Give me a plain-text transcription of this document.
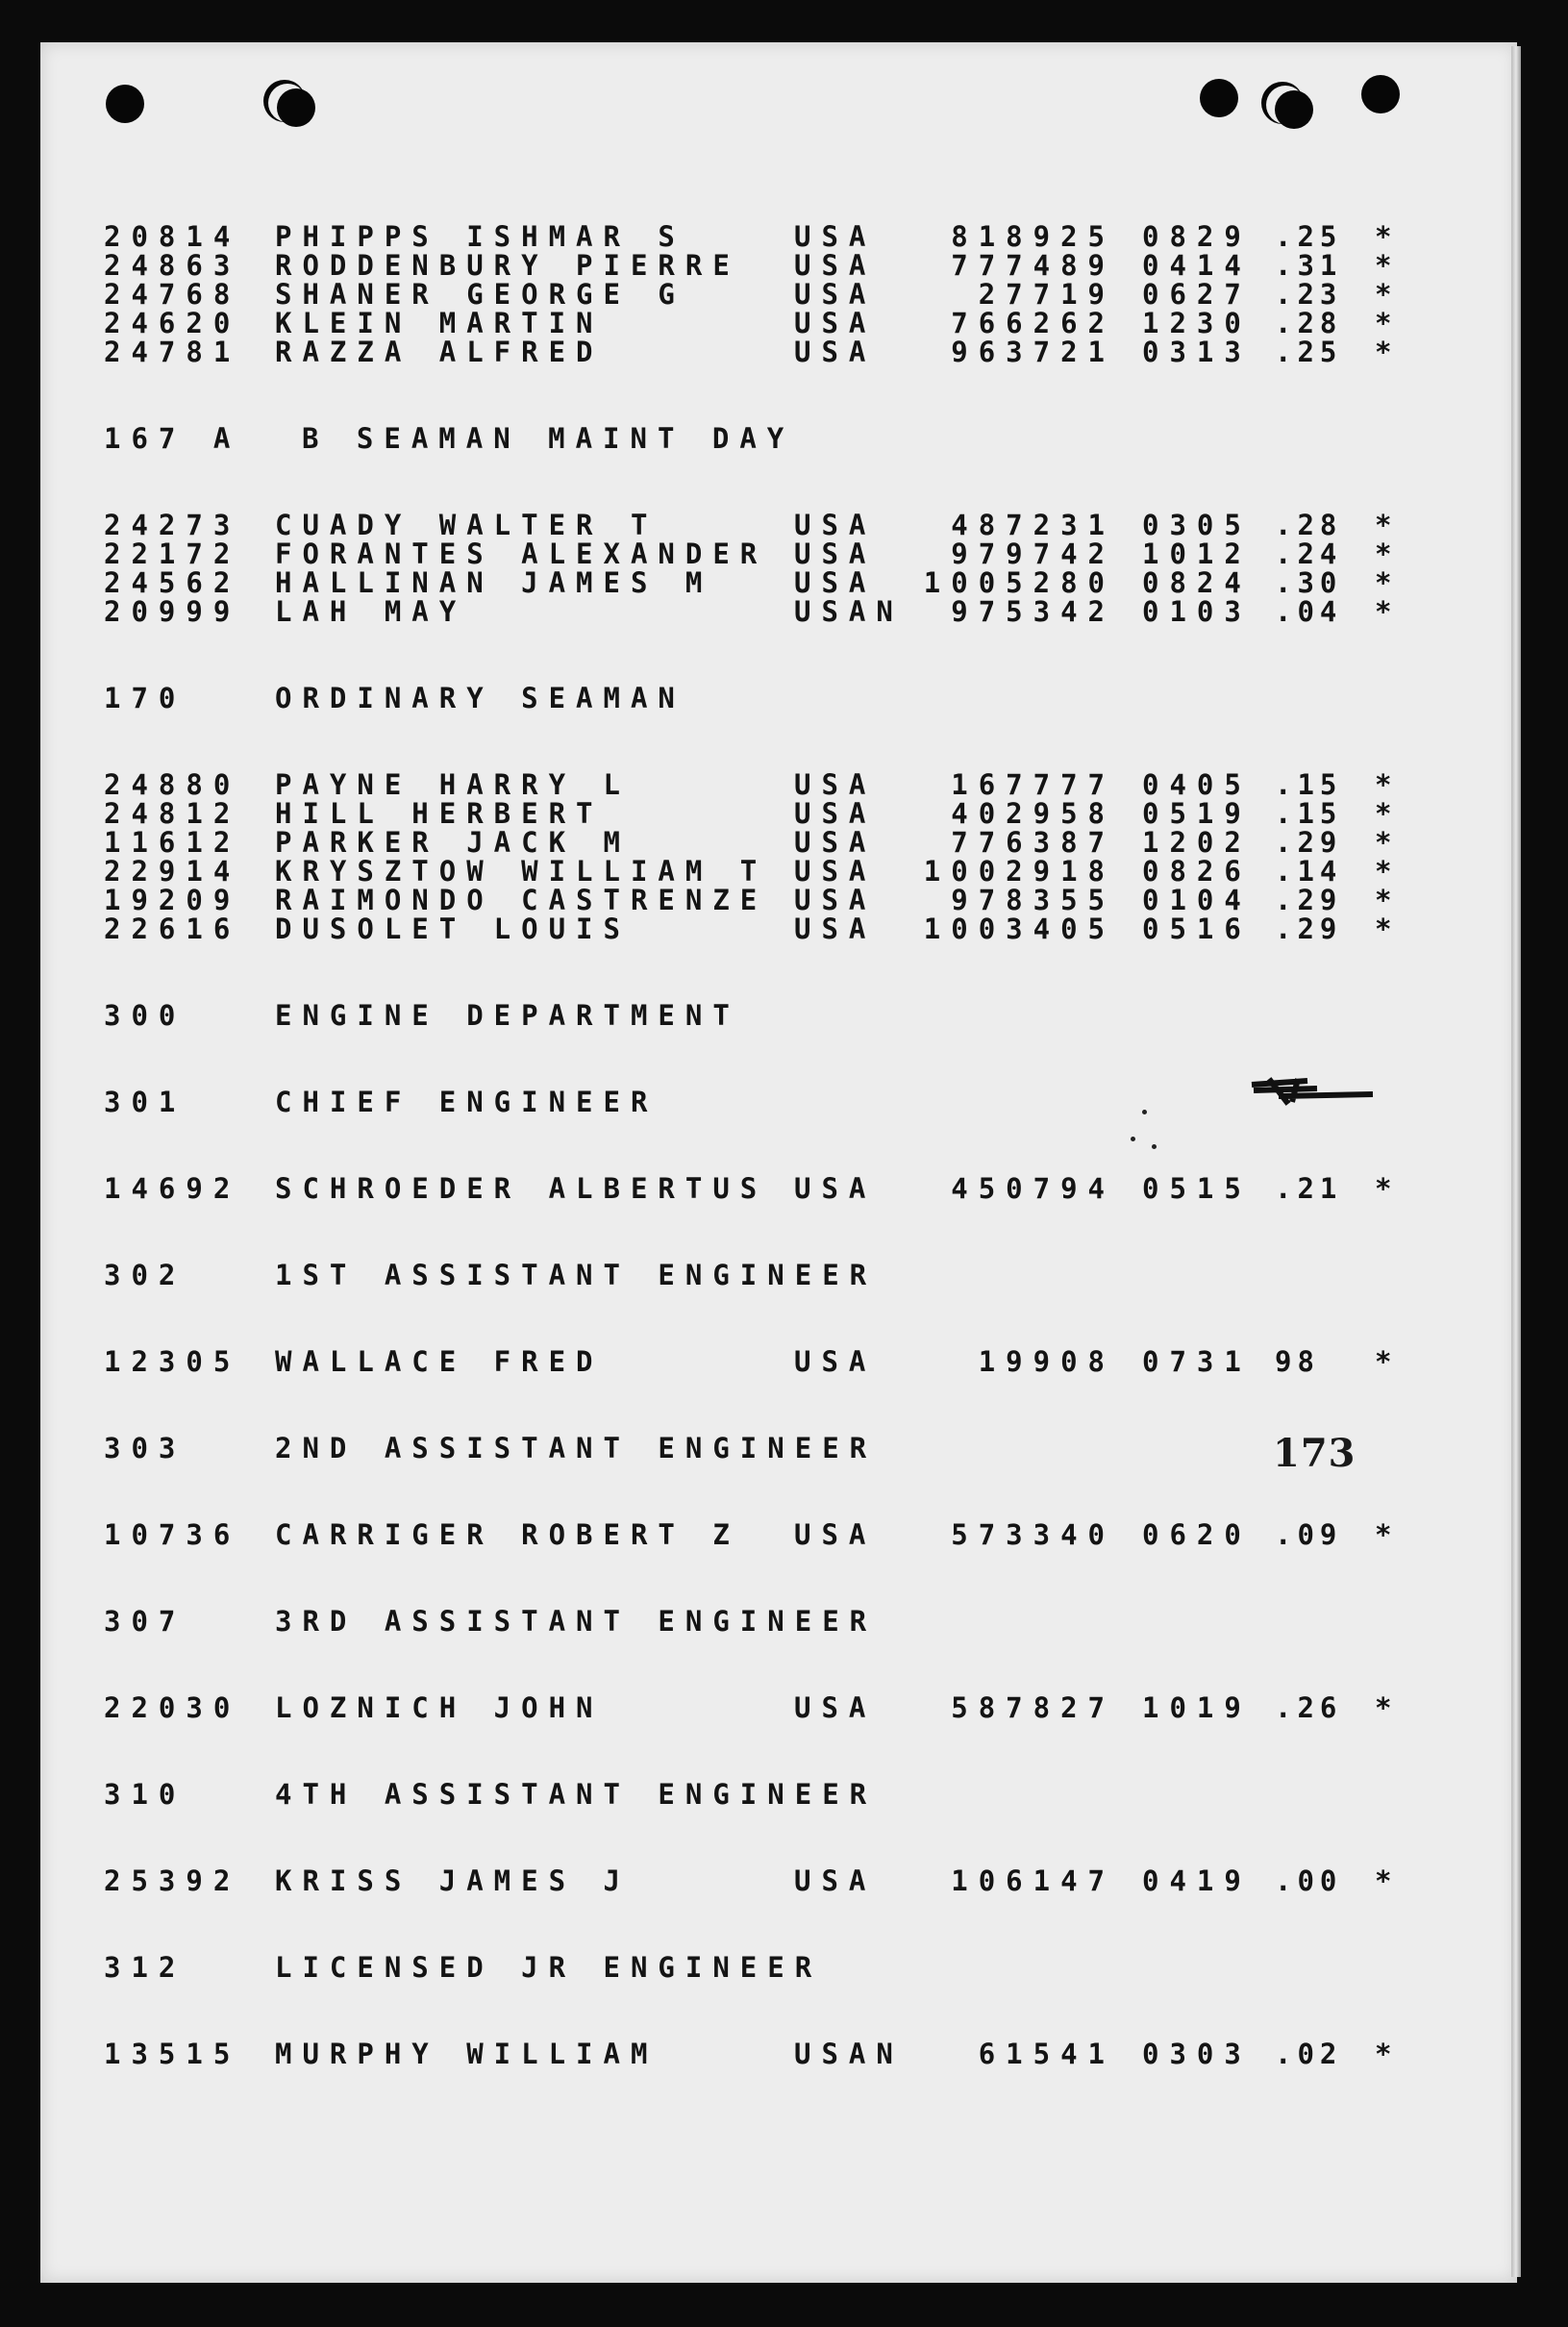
173
20814 PHIPPS ISHMAR S	USA	818925 0829 .25 *
24863 RODDENBURY PIERRE USA	777489 0414 .31 *
24768 SHANER GEORGE G	USA	27719 0627 .23 *
24620 KLEIN MARTIN	USA	766262 1230 .28 *
24781 RAZZA ALFRED	USA	963721 0313 .25 *
167 A B SEAMAN MAINT DAY
24273 CUADY WALTER T	USA	487231 0305 .28 *
22172 FORANTES ALEXANDER USA	979742 1012 .24 *
24562 HALLINAN JAMES M	USA	1005280 0824 .30 *
20999 LAH MAY	USAN	975342 0103 .04 *
170	ORDINARY SEAMAN
24880 PAYNE HARRY L	USA	167777 0405 .15 *
24812 HILL HERBERT	USA	402958 0519 .15 *
11612 PARKER JACK M	USA	776387 1202 .29 *
22914 KRYSZTOW WILLIAM T USA	1002918 0826 .14 *
19209 RAIMONDO CASTRENZE USA	978355 0104 .29 *
22616 DUSOLET LOUIS	USA	1003405 0516 .29 *
300	ENGINE DEPARTMENT
301	CHIEF ENGINEER
14692 SCHROEDER ALBERTUS USA	450794 0515 .21 *
302	1ST ASSISTANT ENGINEER
12305 WALLACE FRED	USA	19908 0731 98 *
303	2ND ASSISTANT ENGINEER
10736 CARRIGER ROBERT Z USA	573340 0620 .09 *
307	3RD ASSISTANT ENGINEER
22030 LOZNICH JOHN	USA	587827 1019 .26 *
310	4TH ASSISTANT ENGINEER
25392 KRISS JAMES J	USA	106147 0419 .00 *
312	LICENSED JR ENGINEER
13515 MURPHY WILLIAM	USAN	61541 0303 .02 *
